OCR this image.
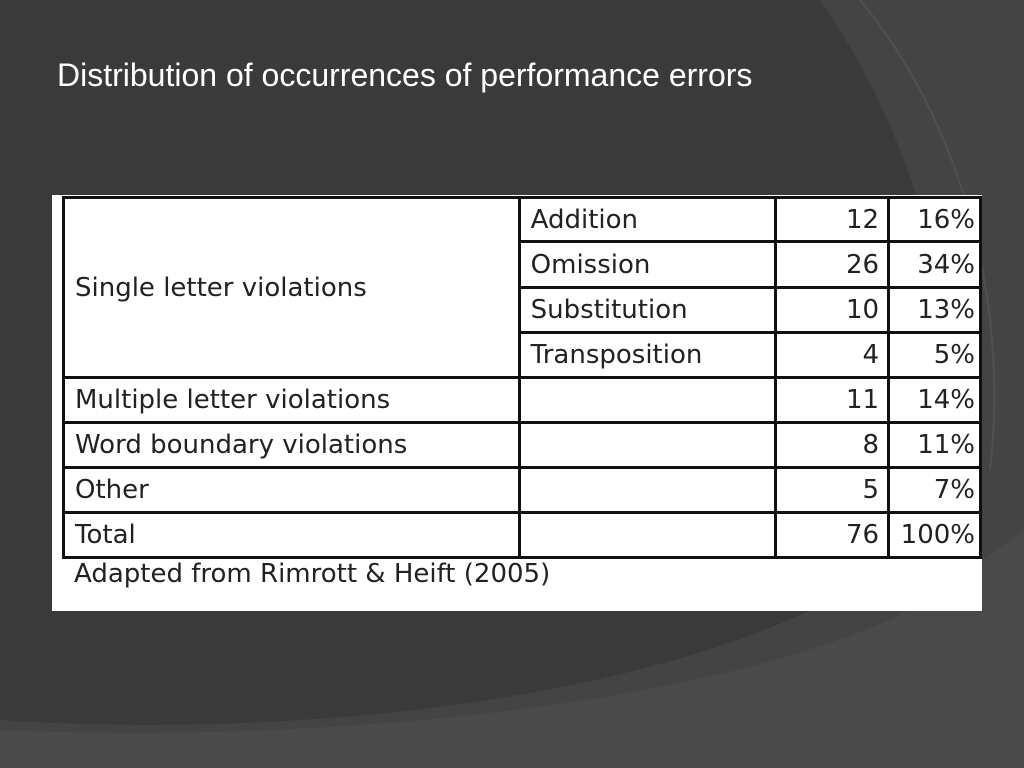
Distribution of occurrences of performance errors
Single letter violations	Addition	12	16%
	Omission	26	34%
	Substitution	10	13%
	Transposition	4	5%
Multiple letter violations		11	14%
Word boundary violations		8	11%
Other		5	7%
Total		76	100%
Adapted from Rimrott & Heift (2005)
